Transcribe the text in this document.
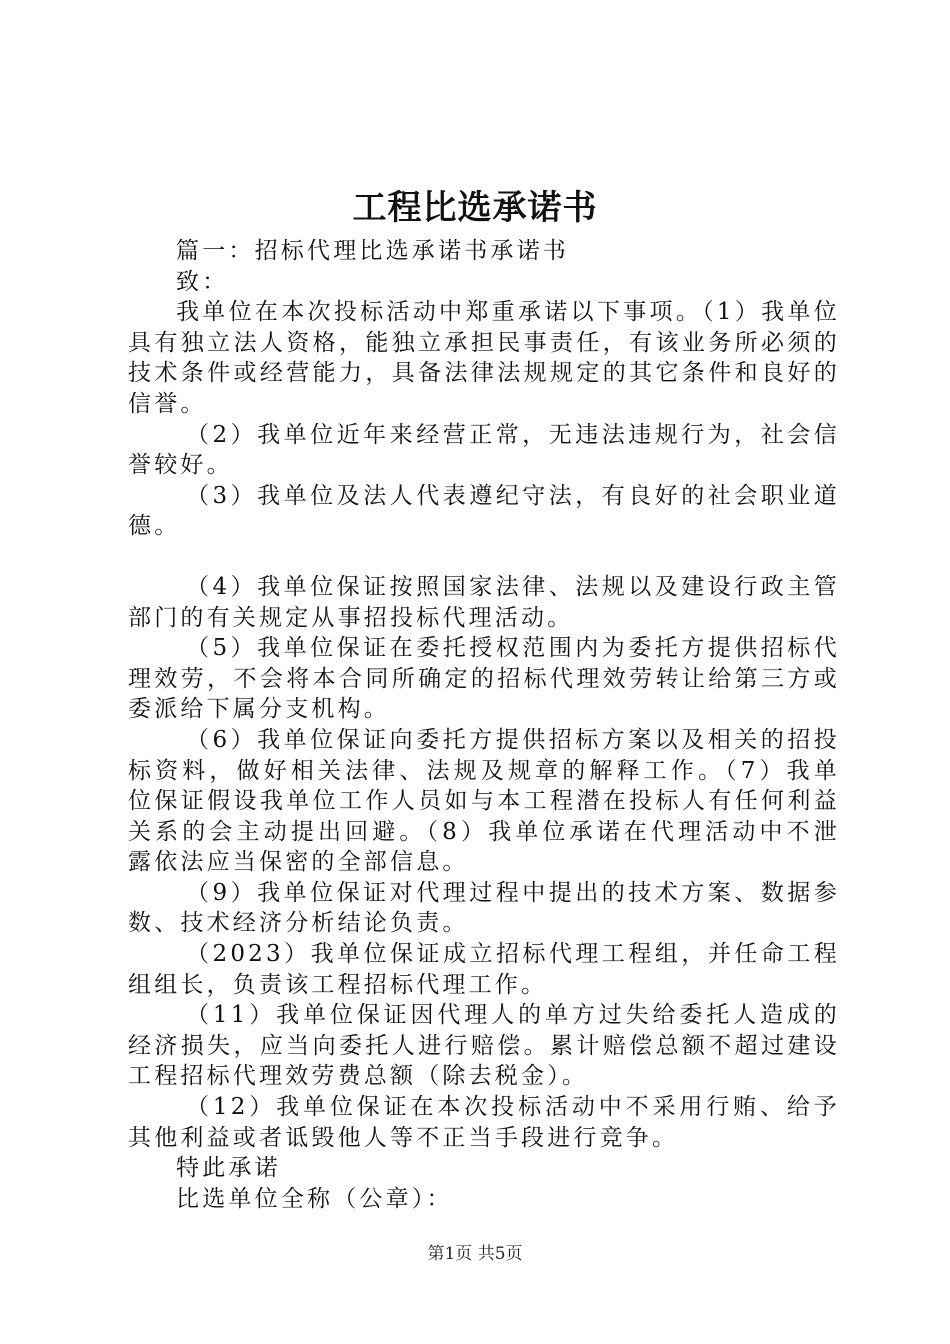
工程比选承诺书

篇一：招标代理比选承诺书承诺书

致：

我单位在本次投标活动中郑重承诺以下事项。（1）我单位具有独立法人资格，能独立承担民事责任，有该业务所必须的技术条件或经营能力，具备法律法规规定的其它条件和良好的信誉。

（2）我单位近年来经营正常，无违法违规行为，社会信誉较好。

（3）我单位及法人代表遵纪守法，有良好的社会职业道德。

（4）我单位保证按照国家法律、法规以及建设行政主管部门的有关规定从事招投标代理活动。

（5）我单位保证在委托授权范围内为委托方提供招标代理效劳，不会将本合同所确定的招标代理效劳转让给第三方或委派给下属分支机构。

（6）我单位保证向委托方提供招标方案以及相关的招投标资料，做好相关法律、法规及规章的解释工作。（7）我单位保证假设我单位工作人员如与本工程潜在投标人有任何利益关系的会主动提出回避。（8）我单位承诺在代理活动中不泄露依法应当保密的全部信息。

（9）我单位保证对代理过程中提出的技术方案、数据参数、技术经济分析结论负责。

（2023）我单位保证成立招标代理工程组，并任命工程组组长，负责该工程招标代理工作。

（11）我单位保证因代理人的单方过失给委托人造成的经济损失，应当向委托人进行赔偿。累计赔偿总额不超过建设工程招标代理效劳费总额（除去税金）。

（12）我单位保证在本次投标活动中不采用行贿、给予其他利益或者诋毁他人等不正当手段进行竞争。

特此承诺

比选单位全称（公章）：

第1页 共5页
